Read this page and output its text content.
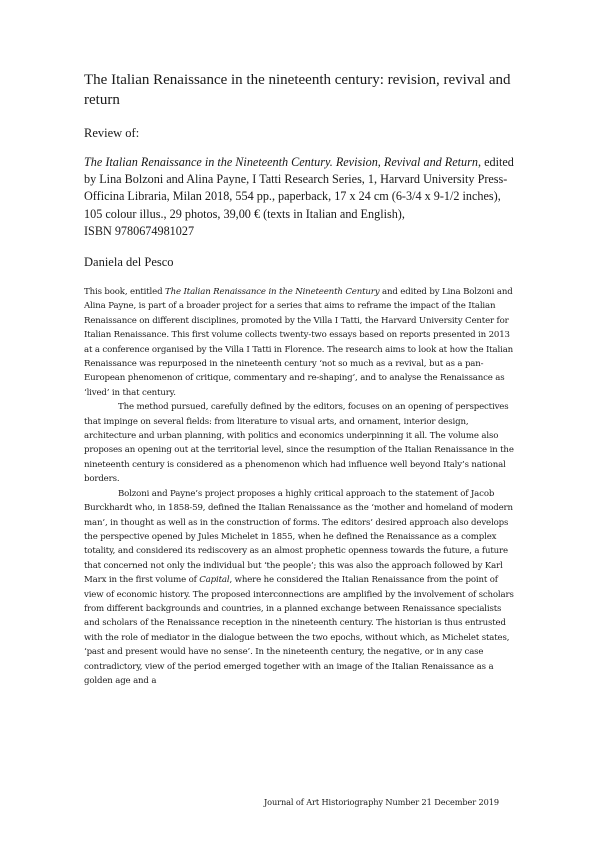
The Italian Renaissance in the nineteenth century: revision, revival and return
Review of:
The Italian Renaissance in the Nineteenth Century. Revision, Revival and Return, edited by Lina Bolzoni and Alina Payne, I Tatti Research Series, 1, Harvard University Press-Officina Libraria, Milan 2018, 554 pp., paperback, 17 x 24 cm (6-3/4 x 9-1/2 inches), 105 colour illus., 29 photos, 39,00 € (texts in Italian and English),
ISBN 9780674981027
Daniela del Pesco

This book, entitled The Italian Renaissance in the Nineteenth Century and edited by Lina Bolzoni and Alina Payne, is part of a broader project for a series that aims to reframe the impact of the Italian Renaissance on different disciplines, promoted by the Villa I Tatti, the Harvard University Center for Italian Renaissance. This first volume collects twenty-two essays based on reports presented in 2013 at a conference organised by the Villa I Tatti in Florence. The research aims to look at how the Italian Renaissance was repurposed in the nineteenth century ‘not so much as a revival, but as a pan-European phenomenon of critique, commentary and re-shaping’, and to analyse the Renaissance as ‘lived’ in that century.

The method pursued, carefully defined by the editors, focuses on an opening of perspectives that impinge on several fields: from literature to visual arts, and ornament, interior design, architecture and urban planning, with politics and economics underpinning it all. The volume also proposes an opening out at the territorial level, since the resumption of the Italian Renaissance in the nineteenth century is considered as a phenomenon which had influence well beyond Italy’s national borders.

Bolzoni and Payne’s project proposes a highly critical approach to the statement of Jacob Burckhardt who, in 1858-59, defined the Italian Renaissance as the ‘mother and homeland of modern man’, in thought as well as in the construction of forms. The editors’ desired approach also develops the perspective opened by Jules Michelet in 1855, when he defined the Renaissance as a complex totality, and considered its rediscovery as an almost prophetic openness towards the future, a future that concerned not only the individual but ‘the people’; this was also the approach followed by Karl Marx in the first volume of Capital, where he considered the Italian Renaissance from the point of view of economic history. The proposed interconnections are amplified by the involvement of scholars from different backgrounds and countries, in a planned exchange between Renaissance specialists and scholars of the Renaissance reception in the nineteenth century. The historian is thus entrusted with the role of mediator in the dialogue between the two epochs, without which, as Michelet states, ‘past and present would have no sense’. In the nineteenth century, the negative, or in any case contradictory, view of the period emerged together with an image of the Italian Renaissance as a golden age and a

Journal of Art Historiography Number 21 December 2019
